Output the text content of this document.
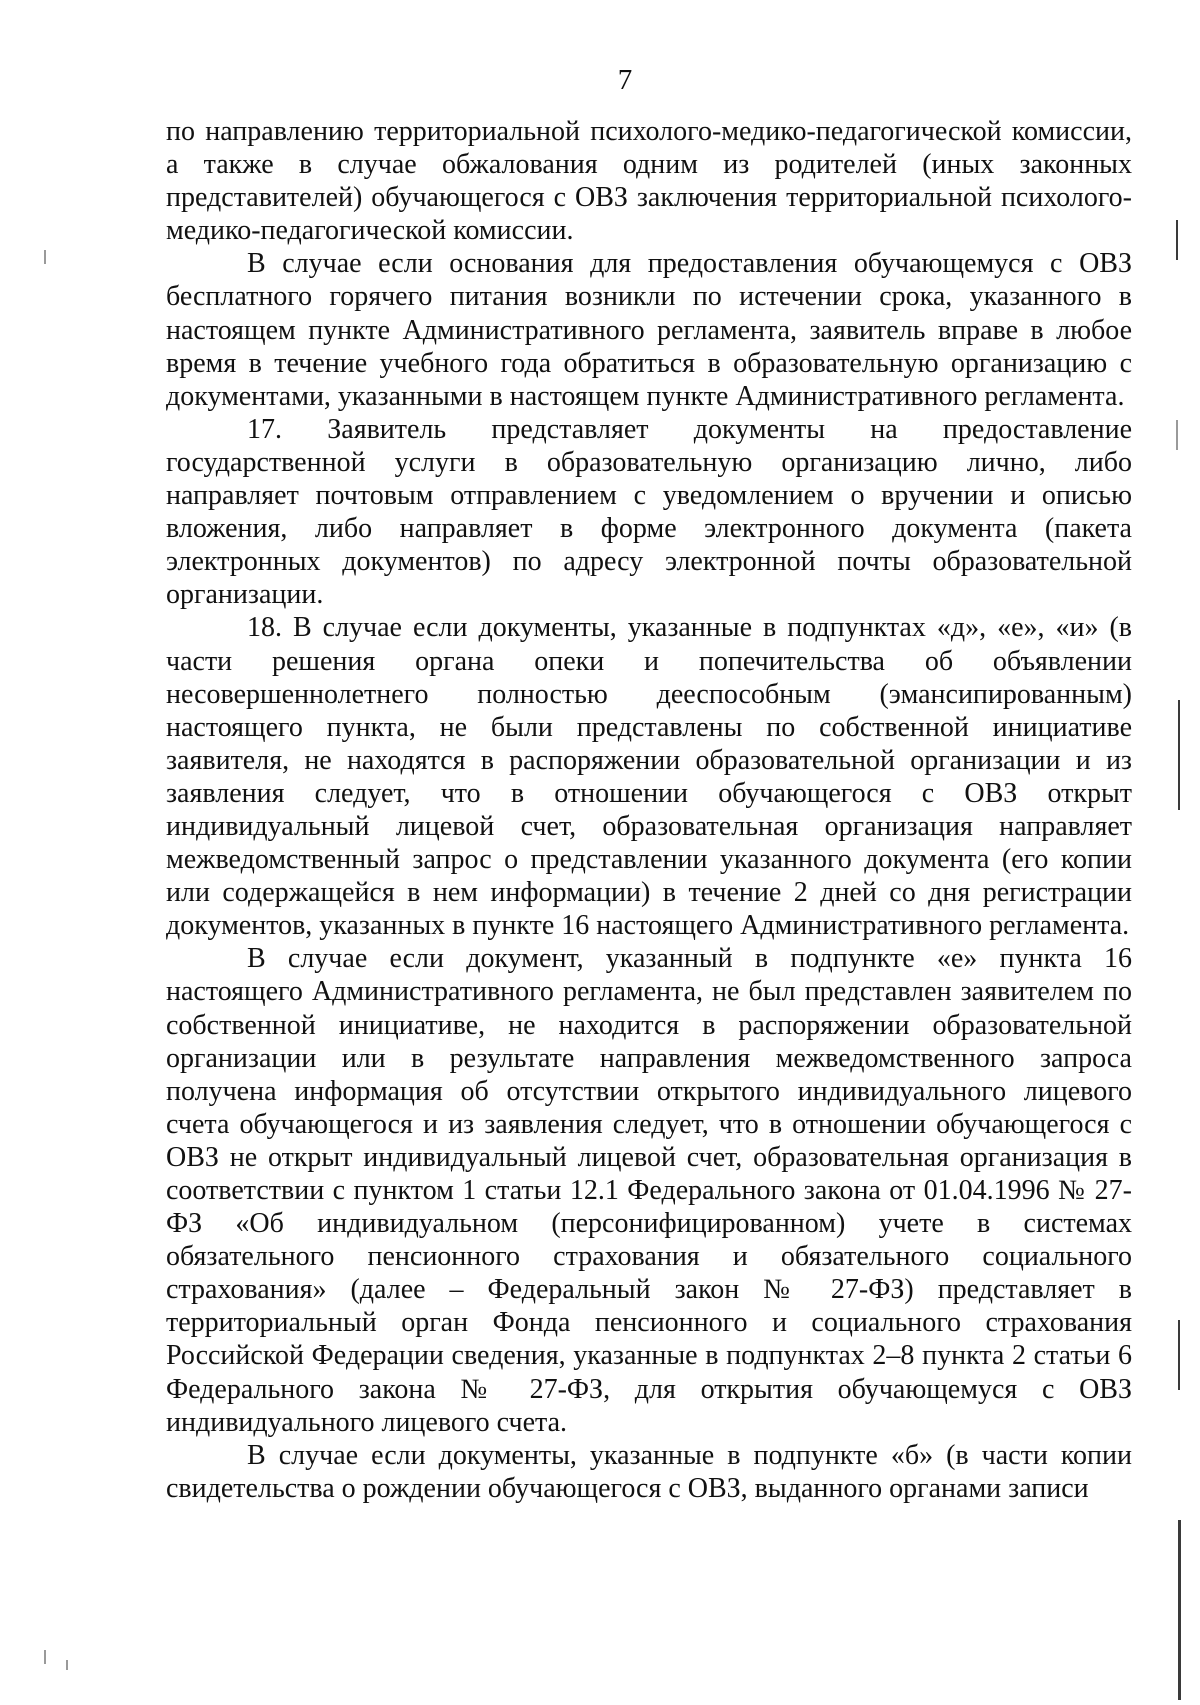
7

по направлению территориальной психолого-медико-педагогической комиссии, а также в случае обжалования одним из родителей (иных законных представителей) обучающегося с ОВЗ заключения территориальной психолого-медико-педагогической комиссии.

В случае если основания для предоставления обучающемуся с ОВЗ бесплатного горячего питания возникли по истечении срока, указанного в настоящем пункте Административного регламента, заявитель вправе в любое время в течение учебного года обратиться в образовательную организацию с документами, указанными в настоящем пункте Административного регламента.

17. Заявитель представляет документы на предоставление государственной услуги в образовательную организацию лично, либо направляет почтовым отправлением с уведомлением о вручении и описью вложения, либо направляет в форме электронного документа (пакета электронных документов) по адресу электронной почты образовательной организации.

18. В случае если документы, указанные в подпунктах «д», «е», «и» (в части решения органа опеки и попечительства об объявлении несовершеннолетнего полностью дееспособным (эмансипированным) настоящего пункта, не были представлены по собственной инициативе заявителя, не находятся в распоряжении образовательной организации и из заявления следует, что в отношении обучающегося с ОВЗ открыт индивидуальный лицевой счет, образовательная организация направляет межведомственный запрос о представлении указанного документа (его копии или содержащейся в нем информации) в течение 2 дней со дня регистрации документов, указанных в пункте 16 настоящего Административного регламента.

В случае если документ, указанный в подпункте «е» пункта 16 настоящего Административного регламента, не был представлен заявителем по собственной инициативе, не находится в распоряжении образовательной организации или в результате направления межведомственного запроса получена информация об отсутствии открытого индивидуального лицевого счета обучающегося и из заявления следует, что в отношении обучающегося с ОВЗ не открыт индивидуальный лицевой счет, образовательная организация в соответствии с пунктом 1 статьи 12.1 Федерального закона от 01.04.1996 № 27-ФЗ «Об индивидуальном (персонифицированном) учете в системах обязательного пенсионного страхования и обязательного социального страхования» (далее – Федеральный закон № 27-ФЗ) представляет в территориальный орган Фонда пенсионного и социального страхования Российской Федерации сведения, указанные в подпунктах 2–8 пункта 2 статьи 6 Федерального закона № 27-ФЗ, для открытия обучающемуся с ОВЗ индивидуального лицевого счета.

В случае если документы, указанные в подпункте «б» (в части копии свидетельства о рождении обучающегося с ОВЗ, выданного органами записи
